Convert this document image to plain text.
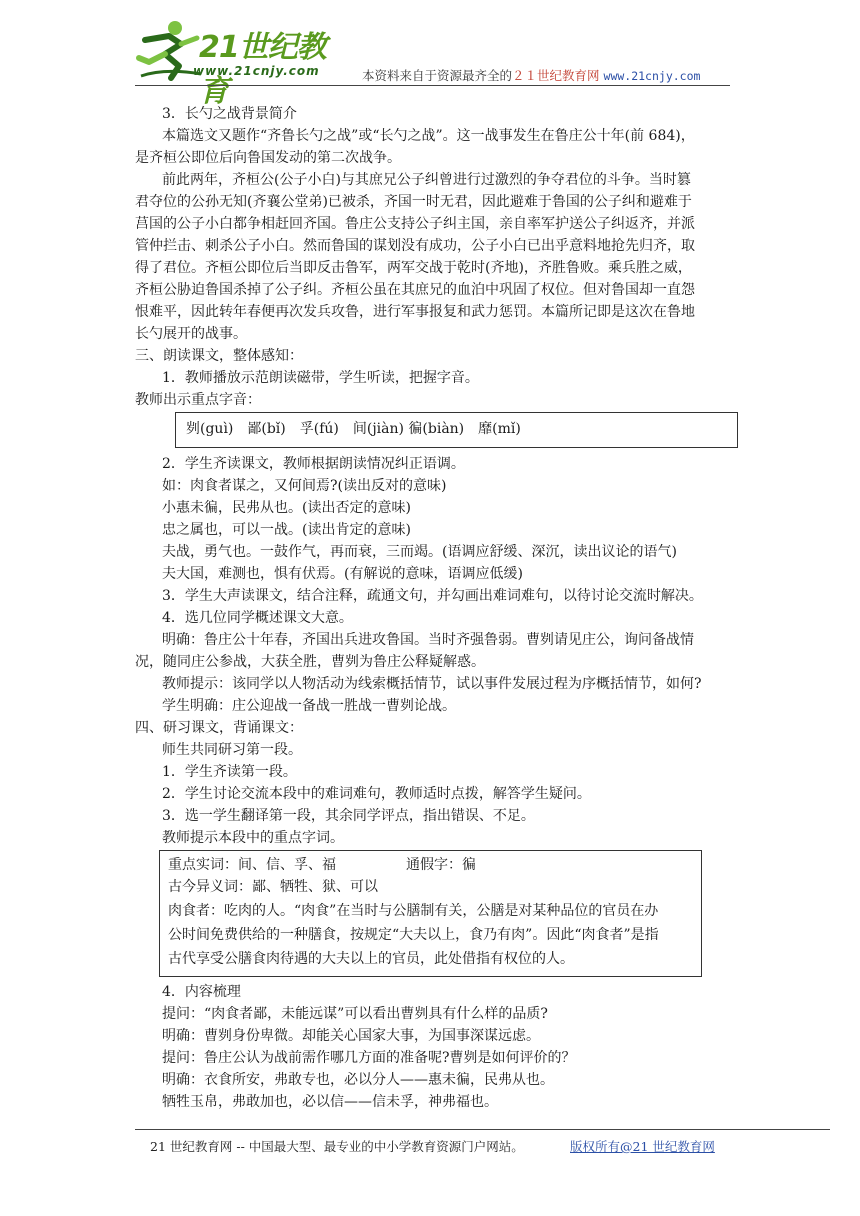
21世纪教育
www.21cnjy.com	本资料来自于资源最齐全的２１世纪教育网 www.21cnjy.com
3．长勺之战背景简介
本篇选文又题作“齐鲁长勺之战”或“长勺之战”。这一战事发生在鲁庄公十年(前 684)，
是齐桓公即位后向鲁国发动的第二次战争。
前此两年，齐桓公(公子小白)与其庶兄公子纠曾进行过激烈的争夺君位的斗争。当时篡
君夺位的公孙无知(齐襄公堂弟)已被杀，齐国一时无君，因此避难于鲁国的公子纠和避难于
莒国的公子小白都争相赶回齐国。鲁庄公支持公子纠主国，亲自率军护送公子纠返齐，并派
管仲拦击、刺杀公子小白。然而鲁国的谋划没有成功，公子小白已出乎意料地抢先归齐，取
得了君位。齐桓公即位后当即反击鲁军，两军交战于乾时(齐地)，齐胜鲁败。乘兵胜之威，
齐桓公胁迫鲁国杀掉了公子纠。齐桓公虽在其庶兄的血泊中巩固了权位。但对鲁国却一直怨
恨难平，因此转年春便再次发兵攻鲁，进行军事报复和武力惩罚。本篇所记即是这次在鲁地
长勺展开的战事。
三、朗读课文，整体感知：
1．教师播放示范朗读磁带，学生听读，把握字音。
教师出示重点字音：
刿(guì)　鄙(bǐ)　孚(fú)　间(jiàn) 徧(biàn)　靡(mǐ)
2．学生齐读课文，教师根据朗读情况纠正语调。
如：肉食者谋之，又何间焉?(读出反对的意味)
小惠未徧，民弗从也。(读出否定的意味)
忠之属也，可以一战。(读出肯定的意味)
夫战，勇气也。一鼓作气，再而衰，三而竭。(语调应舒缓、深沉，读出议论的语气)
夫大国，难测也，惧有伏焉。(有解说的意味，语调应低缓)
3．学生大声读课文，结合注释，疏通文句，并勾画出难词难句，以待讨论交流时解决。
4．选几位同学概述课文大意。
明确：鲁庄公十年春，齐国出兵进攻鲁国。当时齐强鲁弱。曹刿请见庄公，询问备战情
况，随同庄公参战，大获全胜，曹刿为鲁庄公释疑解惑。
教师提示：该同学以人物活动为线索概括情节，试以事件发展过程为序概括情节，如何?
学生明确：庄公迎战一备战一胜战一曹刿论战。
四、研习课文，背诵课文：
师生共同研习第一段。
1．学生齐读第一段。
2．学生讨论交流本段中的难词难句，教师适时点拨，解答学生疑问。
3．选一学生翻译第一段，其余同学评点，指出错误、不足。
教师提示本段中的重点字词。
重点实词：间、信、孚、福　　　　　通假字：徧
古今异义词：鄙、牺牲、狱、可以
肉食者：吃肉的人。“肉食”在当时与公膳制有关，公膳是对某种品位的官员在办
公时间免费供给的一种膳食，按规定“大夫以上，食乃有肉”。因此“肉食者”是指
古代享受公膳食肉待遇的大夫以上的官员，此处借指有权位的人。
4．内容梳理
提问：“肉食者鄙，未能远谋”可以看出曹刿具有什么样的品质?
明确：曹刿身份卑微。却能关心国家大事，为国事深谋远虑。
提问：鲁庄公认为战前需作哪几方面的准备呢?曹刿是如何评价的？
明确：衣食所安，弗敢专也，必以分人——惠未徧，民弗从也。
牺牲玉帛，弗敢加也，必以信——信未孚，神弗福也。
21 世纪教育网 -- 中国最大型、最专业的中小学教育资源门户网站。	版权所有@21 世纪教育网
